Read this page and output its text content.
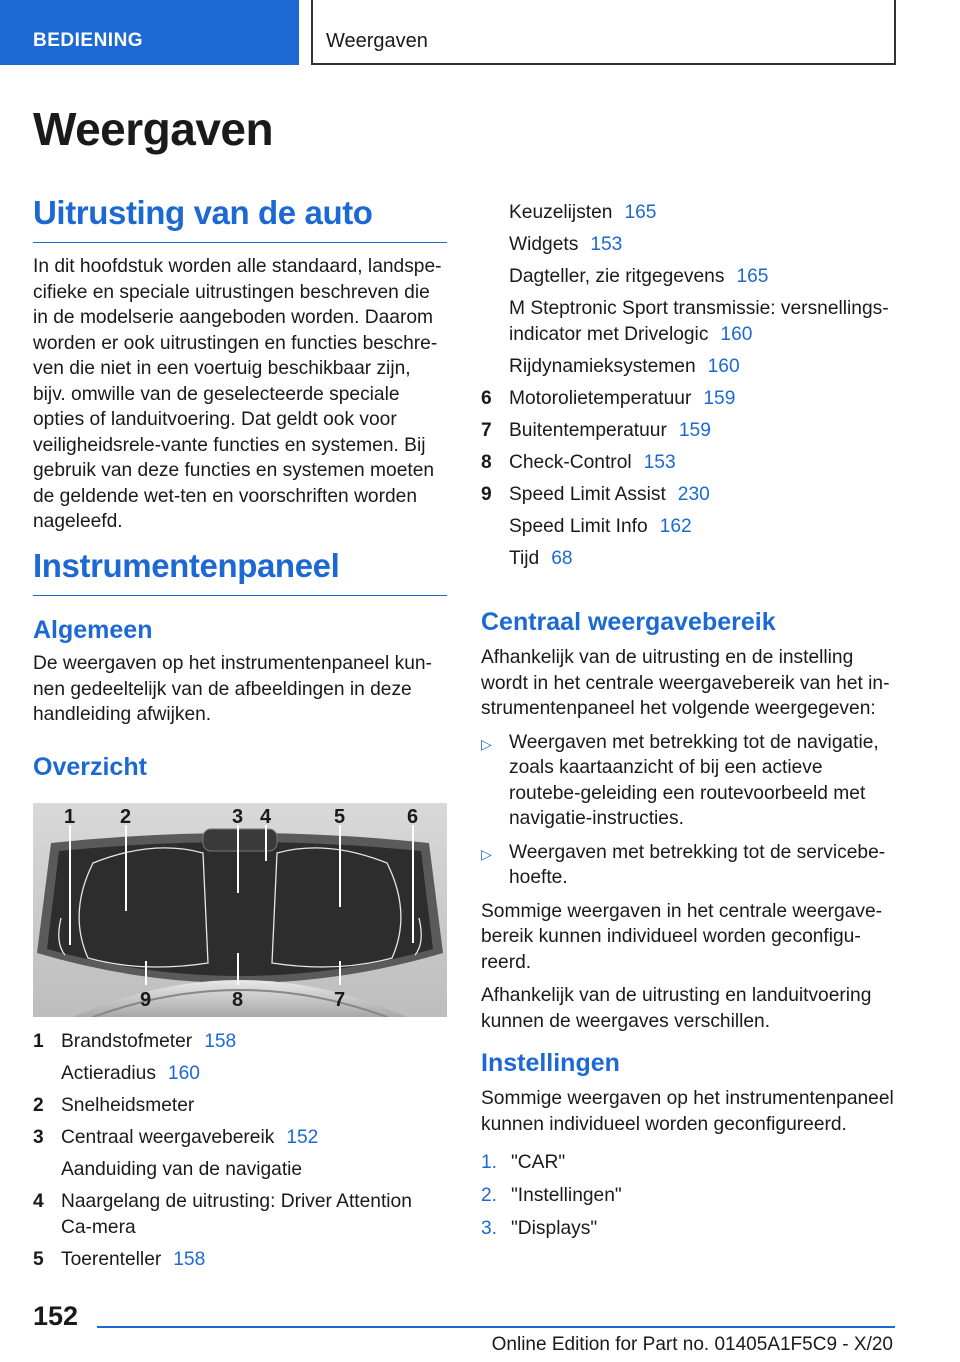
BEDIENING	Weergaven
Weergaven
Uitrusting van de auto

In dit hoofdstuk worden alle standaard, landspe-cifieke en speciale uitrustingen beschreven die in de modelserie aangeboden worden. Daarom worden er ook uitrustingen en functies beschre-ven die niet in een voertuig beschikbaar zijn, bijv. omwille van de geselecteerde speciale opties of landuitvoering. Dat geldt ook voor veiligheidsrele-vante functies en systemen. Bij gebruik van deze functies en systemen moeten de geldende wet-ten en voorschriften worden nageleefd.

Instrumentenpaneel
Algemeen

De weergaven op het instrumentenpaneel kun-nen gedeeltelijk van de afbeeldingen in deze handleiding afwijken.

Overzicht
1 2	3 4	5	6
9	8	7
1 Brandstofmeter 158
Actieradius 160
2 Snelheidsmeter
3 Centraal weergavebereik 152
Aanduiding van de navigatie
4 Naargelang de uitrusting: Driver Attention Ca-mera
5 Toerenteller 158
Keuzelijsten 165
Widgets 153
Dagteller, zie ritgegevens 165
M Steptronic Sport transmissie: versnellings-indicator met Drivelogic 160
Rijdynamieksystemen 160
6 Motorolietemperatuur 159
7 Buitentemperatuur 159
8 Check-Control 153
9 Speed Limit Assist 230
Speed Limit Info 162
Tijd 68
Centraal weergavebereik

Afhankelijk van de uitrusting en de instelling wordt in het centrale weergavebereik van het in-strumentenpaneel het volgende weergegeven:

▷ Weergaven met betrekking tot de navigatie, zoals kaartaanzicht of bij een actieve routebe-geleiding een routevoorbeeld met navigatie-instructies.
▷ Weergaven met betrekking tot de servicebe-hoefte.

Sommige weergaven in het centrale weergave-bereik kunnen individueel worden geconfigu-reerd.

Afhankelijk van de uitrusting en landuitvoering kunnen de weergaves verschillen.

Instellingen

Sommige weergaven op het instrumentenpaneel kunnen individueel worden geconfigureerd.

1. "CAR"
2. "Instellingen"
3. "Displays"
152
Online Edition for Part no. 01405A1F5C9 - X/20
